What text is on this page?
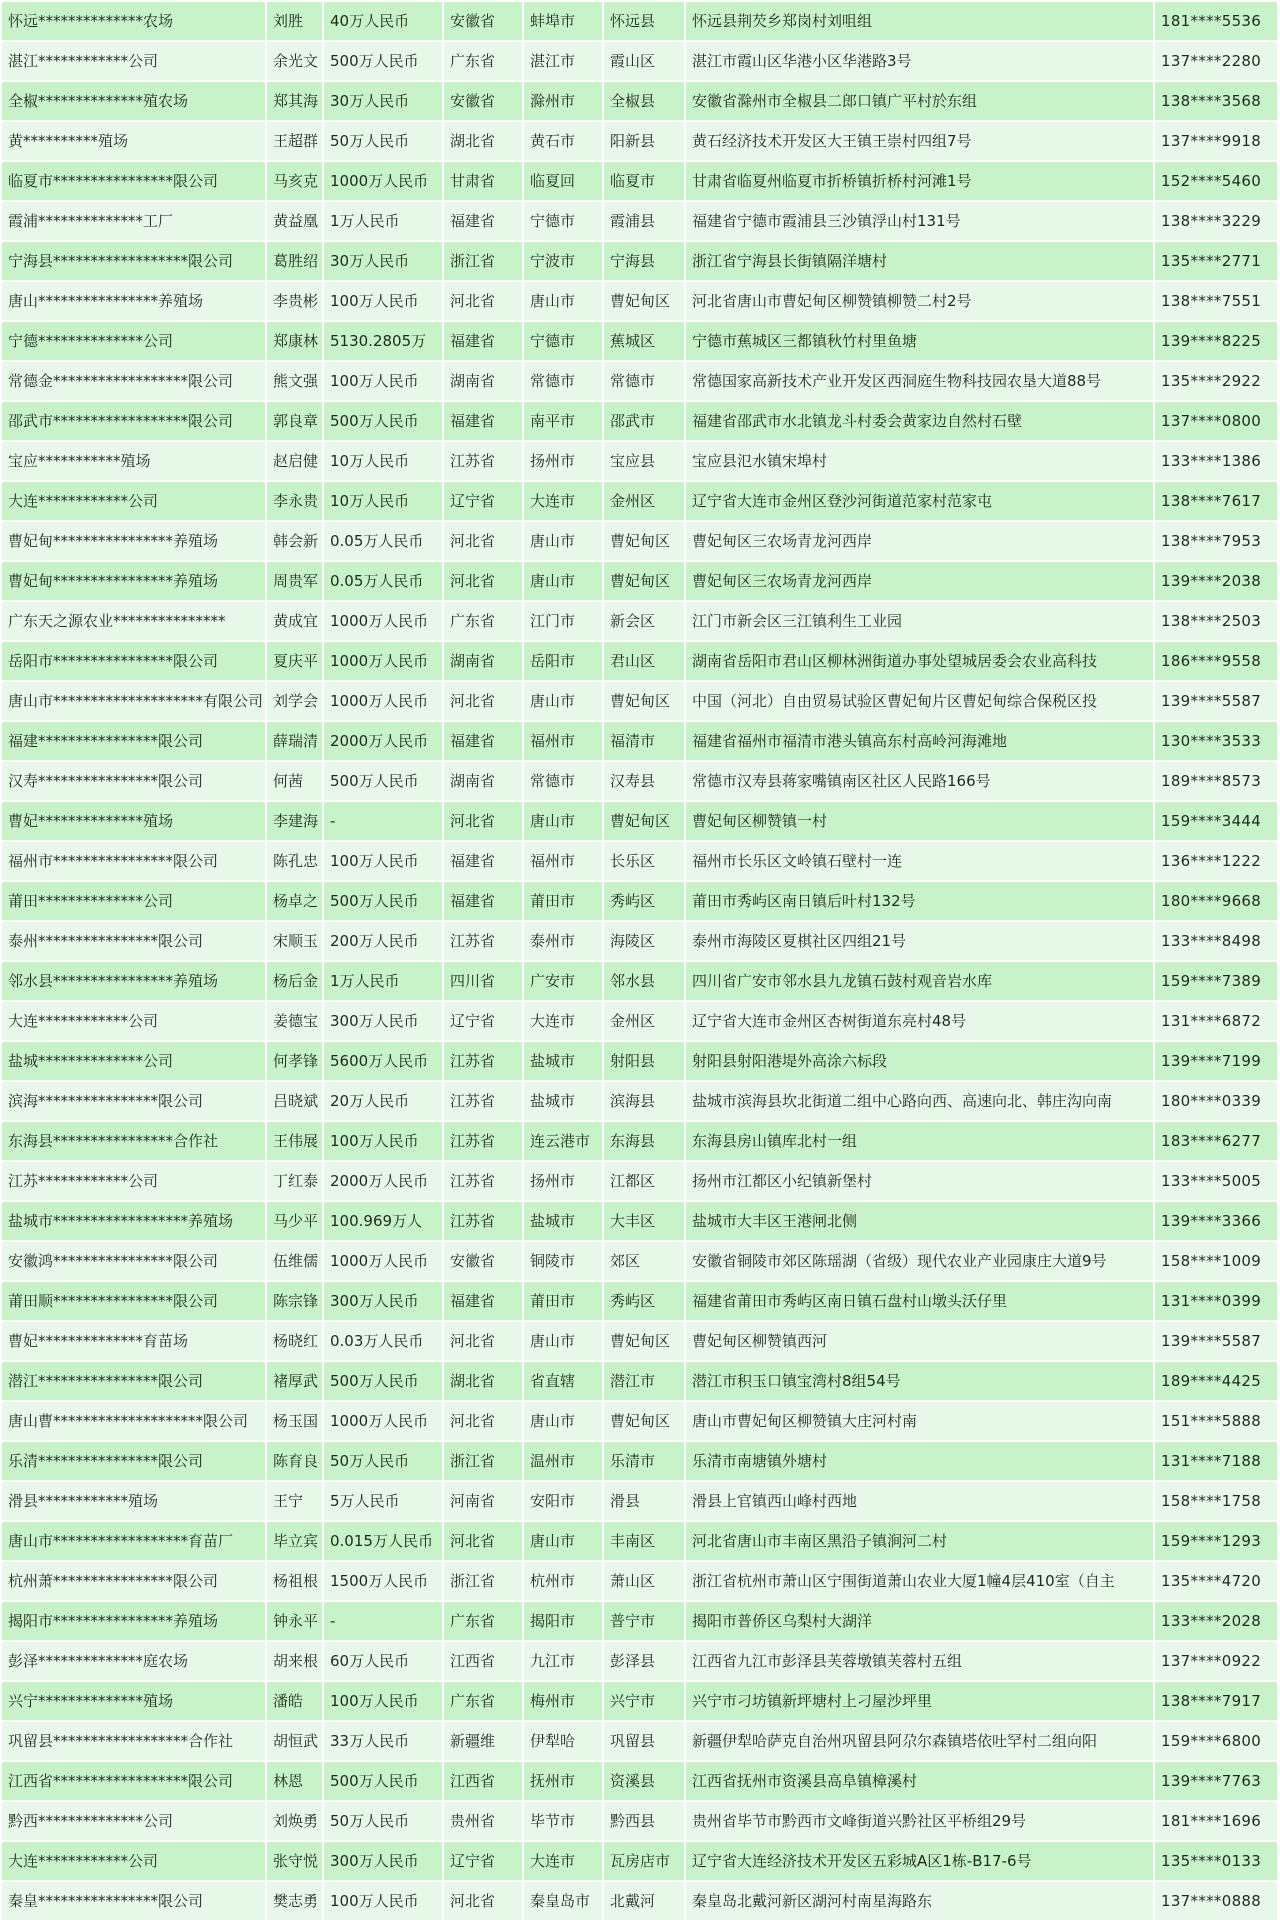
怀远**************农场	刘胜	40万人民币	安徽省	蚌埠市	怀远县	怀远县荆芡乡郑岗村刘咀组	181****5536
湛江************公司	余光文	500万人民币	广东省	湛江市	霞山区	湛江市霞山区华港小区华港路3号	137****2280
全椒**************殖农场	郑其海	30万人民币	安徽省	滁州市	全椒县	安徽省滁州市全椒县二郎口镇广平村於东组	138****3568
黄**********殖场	王超群	50万人民币	湖北省	黄石市	阳新县	黄石经济技术开发区大王镇王崇村四组7号	137****9918
临夏市****************限公司	马亥克	1000万人民币	甘肃省	临夏回	临夏市	甘肃省临夏州临夏市折桥镇折桥村河滩1号	152****5460
霞浦**************工厂	黄益凰	1万人民币	福建省	宁德市	霞浦县	福建省宁德市霞浦县三沙镇浮山村131号	138****3229
宁海县******************限公司	葛胜绍	30万人民币	浙江省	宁波市	宁海县	浙江省宁海县长街镇隔洋塘村	135****2771
唐山****************养殖场	李贵彬	100万人民币	河北省	唐山市	曹妃甸区	河北省唐山市曹妃甸区柳赞镇柳赞二村2号	138****7551
宁德**************公司	郑康林	5130.2805万	福建省	宁德市	蕉城区	宁德市蕉城区三都镇秋竹村里鱼塘	139****8225
常德金******************限公司	熊文强	100万人民币	湖南省	常德市	常德市	常德国家高新技术产业开发区西洞庭生物科技园农垦大道88号	135****2922
邵武市******************限公司	郭良章	500万人民币	福建省	南平市	邵武市	福建省邵武市水北镇龙斗村委会黄家边自然村石壁	137****0800
宝应***********殖场	赵启健	10万人民币	江苏省	扬州市	宝应县	宝应县氾水镇宋埠村	133****1386
大连************公司	李永贵	10万人民币	辽宁省	大连市	金州区	辽宁省大连市金州区登沙河街道范家村范家屯	138****7617
曹妃甸****************养殖场	韩会新	0.05万人民币	河北省	唐山市	曹妃甸区	曹妃甸区三农场青龙河西岸	138****7953
曹妃甸****************养殖场	周贵军	0.05万人民币	河北省	唐山市	曹妃甸区	曹妃甸区三农场青龙河西岸	139****2038
广东天之源农业***************	黄成宜	1000万人民币	广东省	江门市	新会区	江门市新会区三江镇利生工业园	138****2503
岳阳市****************限公司	夏庆平	1000万人民币	湖南省	岳阳市	君山区	湖南省岳阳市君山区柳林洲街道办事处望城居委会农业高科技	186****9558
唐山市********************有限公司	刘学会	1000万人民币	河北省	唐山市	曹妃甸区	中国（河北）自由贸易试验区曹妃甸片区曹妃甸综合保税区投	139****5587
福建****************限公司	薛瑞清	2000万人民币	福建省	福州市	福清市	福建省福州市福清市港头镇高东村高岭河海滩地	130****3533
汉寿****************限公司	何茜	500万人民币	湖南省	常德市	汉寿县	常德市汉寿县蒋家嘴镇南区社区人民路166号	189****8573
曹妃**************殖场	李建海	-	河北省	唐山市	曹妃甸区	曹妃甸区柳赞镇一村	159****3444
福州市****************限公司	陈孔忠	100万人民币	福建省	福州市	长乐区	福州市长乐区文岭镇石壁村一连	136****1222
莆田**************公司	杨卓之	500万人民币	福建省	莆田市	秀屿区	莆田市秀屿区南日镇后叶村132号	180****9668
泰州****************限公司	宋顺玉	200万人民币	江苏省	泰州市	海陵区	泰州市海陵区夏棋社区四组21号	133****8498
邻水县****************养殖场	杨后金	1万人民币	四川省	广安市	邻水县	四川省广安市邻水县九龙镇石鼓村观音岩水库	159****7389
大连************公司	姜德宝	300万人民币	辽宁省	大连市	金州区	辽宁省大连市金州区杏树街道东亮村48号	131****6872
盐城**************公司	何孝锋	5600万人民币	江苏省	盐城市	射阳县	射阳县射阳港堤外高涂六标段	139****7199
滨海****************限公司	吕晓斌	20万人民币	江苏省	盐城市	滨海县	盐城市滨海县坎北街道二组中心路向西、高速向北、韩庄沟向南	180****0339
东海县****************合作社	王伟展	100万人民币	江苏省	连云港市	东海县	东海县房山镇库北村一组	183****6277
江苏************公司	丁红泰	2000万人民币	江苏省	扬州市	江都区	扬州市江都区小纪镇新堡村	133****5005
盐城市******************养殖场	马少平	100.969万人	江苏省	盐城市	大丰区	盐城市大丰区王港闸北侧	139****3366
安徽鸿****************限公司	伍维儒	1000万人民币	安徽省	铜陵市	郊区	安徽省铜陵市郊区陈瑶湖（省级）现代农业产业园康庄大道9号	158****1009
莆田顺****************限公司	陈宗锋	300万人民币	福建省	莆田市	秀屿区	福建省莆田市秀屿区南日镇石盘村山墩头沃仔里	131****0399
曹妃**************育苗场	杨晓红	0.03万人民币	河北省	唐山市	曹妃甸区	曹妃甸区柳赞镇西河	139****5587
潜江****************限公司	褚厚武	500万人民币	湖北省	省直辖	潜江市	潜江市积玉口镇宝湾村8组54号	189****4425
唐山曹********************限公司	杨玉国	1000万人民币	河北省	唐山市	曹妃甸区	唐山市曹妃甸区柳赞镇大庄河村南	151****5888
乐清****************限公司	陈育良	50万人民币	浙江省	温州市	乐清市	乐清市南塘镇外塘村	131****7188
滑县************殖场	王宁	5万人民币	河南省	安阳市	滑县	滑县上官镇西山峰村西地	158****1758
唐山市******************育苗厂	毕立宾	0.015万人民币	河北省	唐山市	丰南区	河北省唐山市丰南区黑沿子镇涧河二村	159****1293
杭州萧****************限公司	杨祖根	1500万人民币	浙江省	杭州市	萧山区	浙江省杭州市萧山区宁围街道萧山农业大厦1幢4层410室（自主	135****4720
揭阳市****************养殖场	钟永平	-	广东省	揭阳市	普宁市	揭阳市普侨区乌梨村大湖洋	133****2028
彭泽**************庭农场	胡来根	60万人民币	江西省	九江市	彭泽县	江西省九江市彭泽县芙蓉墩镇芙蓉村五组	137****0922
兴宁**************殖场	潘皓	100万人民币	广东省	梅州市	兴宁市	兴宁市刁坊镇新坪塘村上刁屋沙坪里	138****7917
巩留县******************合作社	胡恒武	33万人民币	新疆维	伊犁哈	巩留县	新疆伊犁哈萨克自治州巩留县阿尕尔森镇塔依吐罕村二组向阳	159****6800
江西省******************限公司	林恩	500万人民币	江西省	抚州市	资溪县	江西省抚州市资溪县高阜镇樟溪村	139****7763
黔西**************公司	刘焕勇	50万人民币	贵州省	毕节市	黔西县	贵州省毕节市黔西市文峰街道兴黔社区平桥组29号	181****1696
大连************公司	张守悦	300万人民币	辽宁省	大连市	瓦房店市	辽宁省大连经济技术开发区五彩城A区1栋-B17-6号	135****0133
秦皇****************限公司	樊志勇	100万人民币	河北省	秦皇岛市	北戴河	秦皇岛北戴河新区湖河村南星海路东	137****0888
